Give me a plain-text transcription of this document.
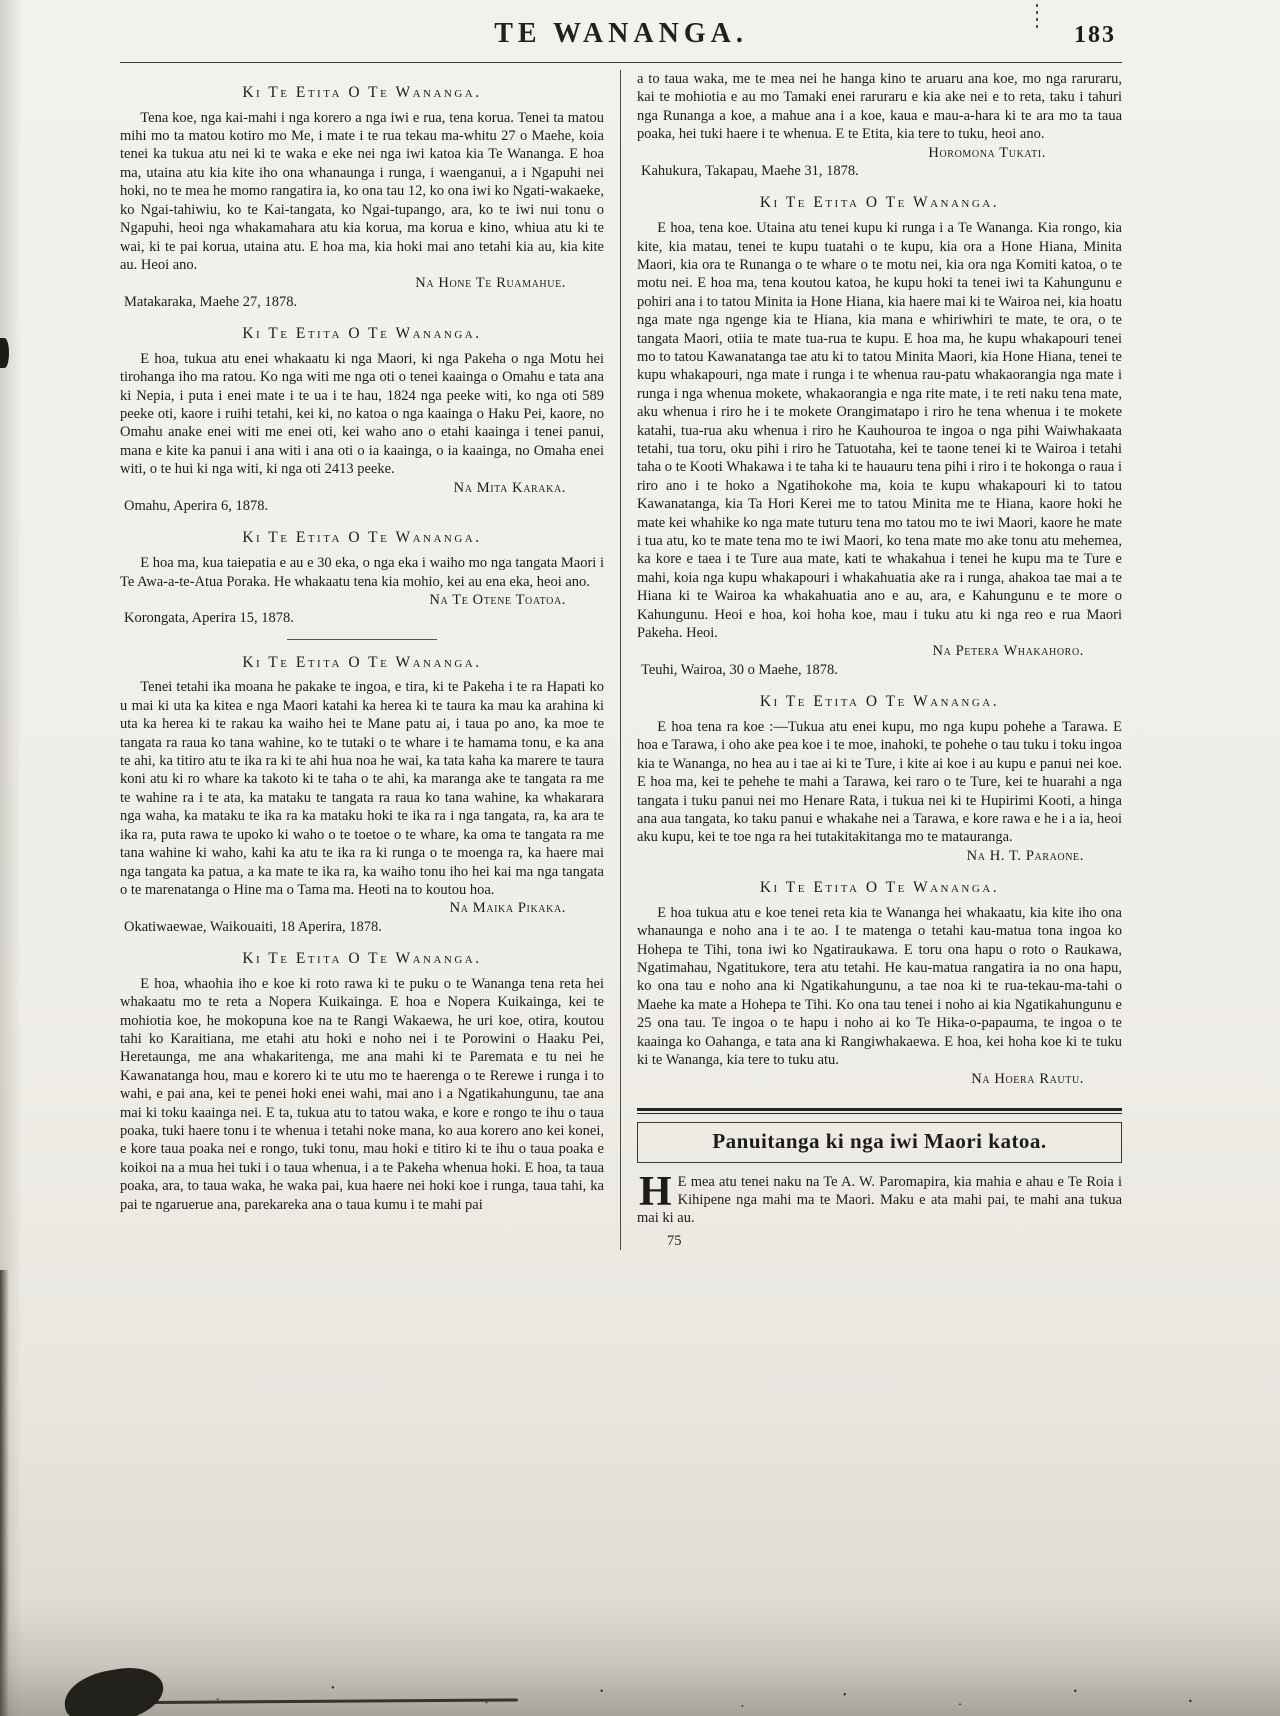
TE WANANGA.	183
Ki Te Etita O Te Wananga.

Tena koe, nga kai-mahi i nga korero a nga iwi e rua, tena korua. Tenei ta matou mihi mo ta matou kotiro mo Me, i mate i te rua tekau ma-whitu 27 o Maehe, koia tenei ka tukua atu nei ki te waka e eke nei nga iwi katoa kia Te Wananga. E hoa ma, utaina atu kia kite iho ona whanaunga i runga, i waenganui, a i Ngapuhi nei hoki, no te mea he momo rangatira ia, ko ona tau 12, ko ona iwi ko Ngati-wakaeke, ko Ngai-tahiwiu, ko te Kai-tangata, ko Ngai-tupango, ara, ko te iwi nui tonu o Ngapuhi, heoi nga whakamahara atu kia korua, ma korua e kino, whiua atu ki te wai, ki te pai korua, utaina atu. E hoa ma, kia hoki mai ano tetahi kia au, kia kite au. Heoi ano.

Na Hone Te Ruamahue.
Matakaraka, Maehe 27, 1878.
Ki Te Etita O Te Wananga.

E hoa, tukua atu enei whakaatu ki nga Maori, ki nga Pakeha o nga Motu hei tirohanga iho ma ratou. Ko nga witi me nga oti o tenei kaainga o Omahu e tata ana ki Nepia, i puta i enei mate i te ua i te hau, 1824 nga peeke witi, ko nga oti 589 peeke oti, kaore i ruihi tetahi, kei ki, no katoa o nga kaainga o Haku Pei, kaore, no Omahu anake enei witi me enei oti, kei waho ano o etahi kaainga i tenei panui, mana e kite ka panui i ana witi i ana oti o ia kaainga, o ia kaainga, no Omaha enei witi, o te hui ki nga witi, ki nga oti 2413 peeke.

Na Mita Karaka.
Omahu, Aperira 6, 1878.
Ki Te Etita O Te Wananga.

E hoa ma, kua taiepatia e au e 30 eka, o nga eka i waiho mo nga tangata Maori i Te Awa-a-te-Atua Poraka. He whakaatu tena kia mohio, kei au ena eka, heoi ano.

Na Te Otene Toatoa.
Korongata, Aperira 15, 1878.
Ki Te Etita O Te Wananga.

Tenei tetahi ika moana he pakake te ingoa, e tira, ki te Pakeha i te ra Hapati ko u mai ki uta ka kitea e nga Maori katahi ka herea ki te taura ka mau ka arahina ki uta ka herea ki te rakau ka waiho hei te Mane patu ai, i taua po ano, ka moe te tangata ra raua ko tana wahine, ko te tutaki o te whare i te hamama tonu, e ka ana te ahi, ka titiro atu te ika ra ki te ahi hua noa he wai, ka tata kaha ka marere te taura koni atu ki ro whare ka takoto ki te taha o te ahi, ka maranga ake te tangata ra me te wahine ra i te ata, ka mataku te tangata ra raua ko tana wahine, ka whakarara nga waha, ka mataku te ika ra ka mataku hoki te ika ra i nga tangata, ra, ka ara te ika ra, puta rawa te upoko ki waho o te toetoe o te whare, ka oma te tangata ra me tana wahine ki waho, kahi ka atu te ika ra ki runga o te moenga ra, ka haere mai nga tangata ka patua, a ka mate te ika ra, ka waiho tonu iho hei kai ma nga tangata o te marenatanga o Hine ma o Tama ma. Heoti na to koutou hoa.

Na Maika Pikaka.
Okatiwaewae, Waikouaiti, 18 Aperira, 1878.
Ki Te Etita O Te Wananga.

E hoa, whaohia iho e koe ki roto rawa ki te puku o te Wananga tena reta hei whakaatu mo te reta a Nopera Kuikainga. E hoa e Nopera Kuikainga, kei te mohiotia koe, he mokopuna koe na te Rangi Wakaewa, he uri koe, otira, koutou tahi ko Karaitiana, me etahi atu hoki e noho nei i te Porowini o Haaku Pei, Heretaunga, me ana whakaritenga, me ana mahi ki te Paremata e tu nei he Kawanatanga hou, mau e korero ki te utu mo te haerenga o te Rerewe i runga i to wahi, e pai ana, kei te penei hoki enei wahi, mai ano i a Ngatikahungunu, tae ana mai ki toku kaainga nei. E ta, tukua atu to tatou waka, e kore e rongo te ihu o taua poaka, tuki haere tonu i te whenua i tetahi noke mana, ko aua korero ano kei konei, e kore taua poaka nei e rongo, tuki tonu, mau hoki e titiro ki te ihu o taua poaka e koikoi na a mua hei tuki i o taua whenua, i a te Pakeha whenua hoki. E hoa, ta taua poaka, ara, to taua waka, he waka pai, kua haere nei hoki koe i runga, taua tahi, ka pai te ngaruerue ana, parekareka ana o taua kumu i te mahi pai

a to taua waka, me te mea nei he hanga kino te aruaru ana koe, mo nga raruraru, kai te mohiotia e au mo Tamaki enei raruraru e kia ake nei e to reta, taku i tahuri nga Runanga a koe, a mahue ana i a koe, kaua e mau-a-hara ki te ara mo ta taua poaka, hei tuki haere i te whenua. E te Etita, kia tere to tuku, heoi ano.

Horomona Tukati.
Kahukura, Takapau, Maehe 31, 1878.
Ki Te Etita O Te Wananga.

E hoa, tena koe. Utaina atu tenei kupu ki runga i a Te Wananga. Kia rongo, kia kite, kia matau, tenei te kupu tuatahi o te kupu, kia ora a Hone Hiana, Minita Maori, kia ora te Runanga o te whare o te motu nei, kia ora nga Komiti katoa, o te motu nei. E hoa ma, tena koutou katoa, he kupu hoki ta tenei iwi ta Kahungunu e pohiri ana i to tatou Minita ia Hone Hiana, kia haere mai ki te Wairoa nei, kia hoatu nga mate nga ngenge kia te Hiana, kia mana e whiriwhiri te mate, te ora, o te tangata Maori, otiia te mate tua-rua te kupu. E hoa ma, he kupu whakapouri tenei mo to tatou Kawanatanga tae atu ki to tatou Minita Maori, kia Hone Hiana, tenei te kupu whakapouri, nga mate i runga i te whenua rau-patu whakaorangia nga mate i runga i nga whenua mokete, whakaorangia e nga rite mate, i te reti naku tena mate, aku whenua i riro he i te mokete Orangimatapo i riro he tena whenua i te mokete katahi, tua-rua aku whenua i riro he Kauhouroa te ingoa o nga pihi Waiwhakaata tetahi, tua toru, oku pihi i riro he Tatuotaha, kei te taone tenei ki te Wairoa i tetahi taha o te Kooti Whakawa i te taha ki te hauauru tena pihi i riro i te hokonga o raua i riro ano i te hoko a Ngatihokohe ma, koia te kupu whakapouri ki to tatou Kawanatanga, kia Ta Hori Kerei me to tatou Minita me te Hiana, kaore hoki he mate kei whahike ko nga mate tuturu tena mo tatou mo te iwi Maori, kaore he mate i tua atu, ko te mate tena mo te iwi Maori, ko tena mate mo ake tonu atu mehemea, ka kore e taea i te Ture aua mate, kati te whakahua i tenei he kupu ma te Ture e mahi, koia nga kupu whakapouri i whakahuatia ake ra i runga, ahakoa tae mai a te Hiana ki te Wairoa ka whakahuatia ano e au, ara, e Kahungunu e te more o Kahungunu. Heoi e hoa, koi hoha koe, mau i tuku atu ki nga reo e rua Maori Pakeha. Heoi.

Na Petera Whakahoro.
Teuhi, Wairoa, 30 o Maehe, 1878.
Ki Te Etita O Te Wananga.

E hoa tena ra koe :—Tukua atu enei kupu, mo nga kupu pohehe a Tarawa. E hoa e Tarawa, i oho ake pea koe i te moe, inahoki, te pohehe o tau tuku i toku ingoa kia te Wananga, no hea au i tae ai ki te Ture, i kite ai koe i au kupu e panui nei koe. E hoa ma, kei te pehehe te mahi a Tarawa, kei raro o te Ture, kei te huarahi a nga tangata i tuku panui nei mo Henare Rata, i tukua nei ki te Hupirimi Kooti, a hinga ana aua tangata, ko taku panui e whakahe nei a Tarawa, e kore rawa e he i a ia, heoi aku kupu, kei te toe nga ra hei tutakitakitanga mo te matauranga.

Na H. T. Paraone.
Ki Te Etita O Te Wananga.

E hoa tukua atu e koe tenei reta kia te Wananga hei whakaatu, kia kite iho ona whanaunga e noho ana i te ao. I te matenga o tetahi kau-matua tona ingoa ko Hohepa te Tihi, tona iwi ko Ngatiraukawa. E toru ona hapu o roto o Raukawa, Ngatimahau, Ngatitukore, tera atu tetahi. He kau-matua rangatira ia no ona hapu, ko ona tau e noho ana ki Ngatikahungunu, a tae noa ki te rua-tekau-ma-tahi o Maehe ka mate a Hohepa te Tihi. Ko ona tau tenei i noho ai kia Ngatikahungunu e 25 ona tau. Te ingoa o te hapu i noho ai ko Te Hika-o-papauma, te ingoa o te kaainga ko Oahanga, e tata ana ki Rangiwhakaewa. E hoa, kei hoha koe ki te tuku ki te Wananga, kia tere to tuku atu.

Na Hoera Rautu.
Panuitanga ki nga iwi Maori katoa.

H E mea atu tenei naku na Te A. W. Paromapira, kia mahia e ahau e Te Roia i Kihipene nga mahi ma te Maori. Maku e ata mahi pai, te mahi ana tukua mai ki au.

75
